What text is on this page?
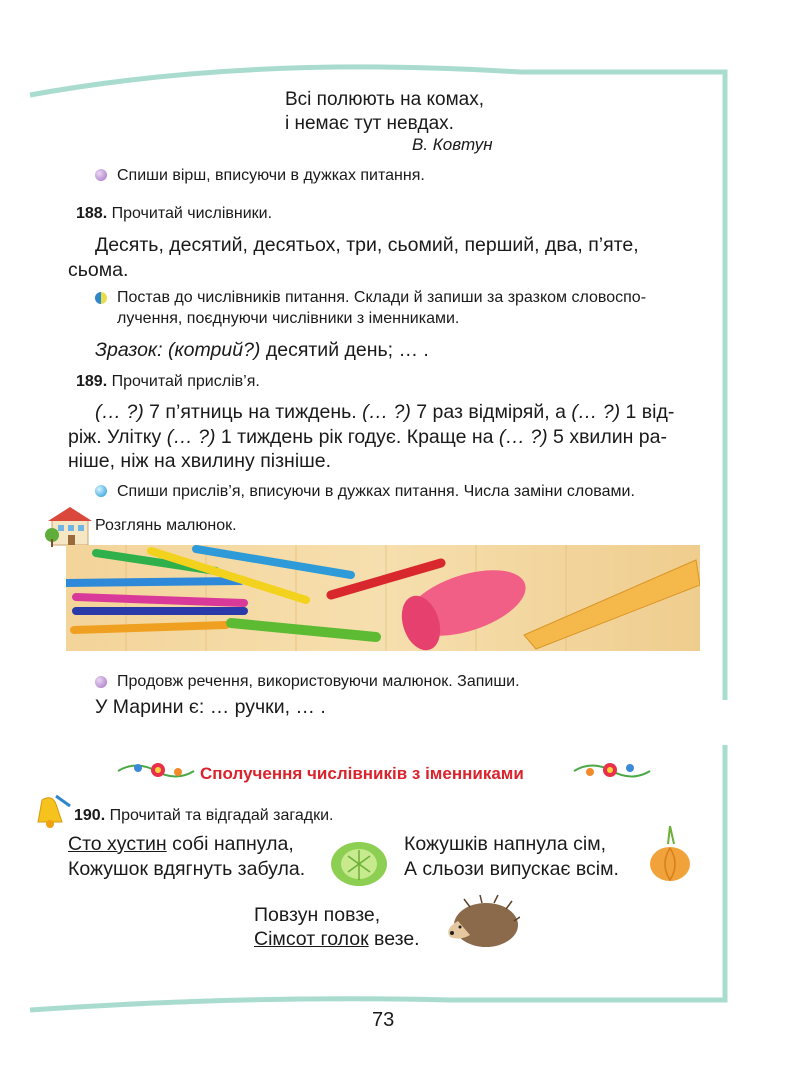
Всі полюють на комах,
і немає тут невдах.
В. Ковтун
Спиши вірш, вписуючи в дужках питання.
188. Прочитай числівники.
Десять, десятий, десятьох, три, сьомий, перший, два, п’яте,
сьома.
Постав до числівників питання. Склади й запиши за зразком словоспо-
лучення, поєднуючи числівники з іменниками.
Зразок: (котрий?) десятий день; … .
189. Прочитай прислів’я.
(… ?) 7 п’ятниць на тиждень. (… ?) 7 раз відміряй, а (… ?) 1 від-
ріж. Улітку (… ?) 1 тиждень рік годує. Краще на (… ?) 5 хвилин ра-
ніше, ніж на хвилину пізніше.
Спиши прислів’я, вписуючи в дужках питання. Числа заміни словами.
Розглянь малюнок.
Продовж речення, використовуючи малюнок. Запиши.
У Марини є: … ручки, … .
Сполучення числівників з іменниками
190. Прочитай та відгадай загадки.
Сто хустин собі напнула,
Кожушок вдягнуть забула.
Кожушків напнула сім,
А сльози випускає всім.
Повзун повзе,
Сімсот голок везе.
73
